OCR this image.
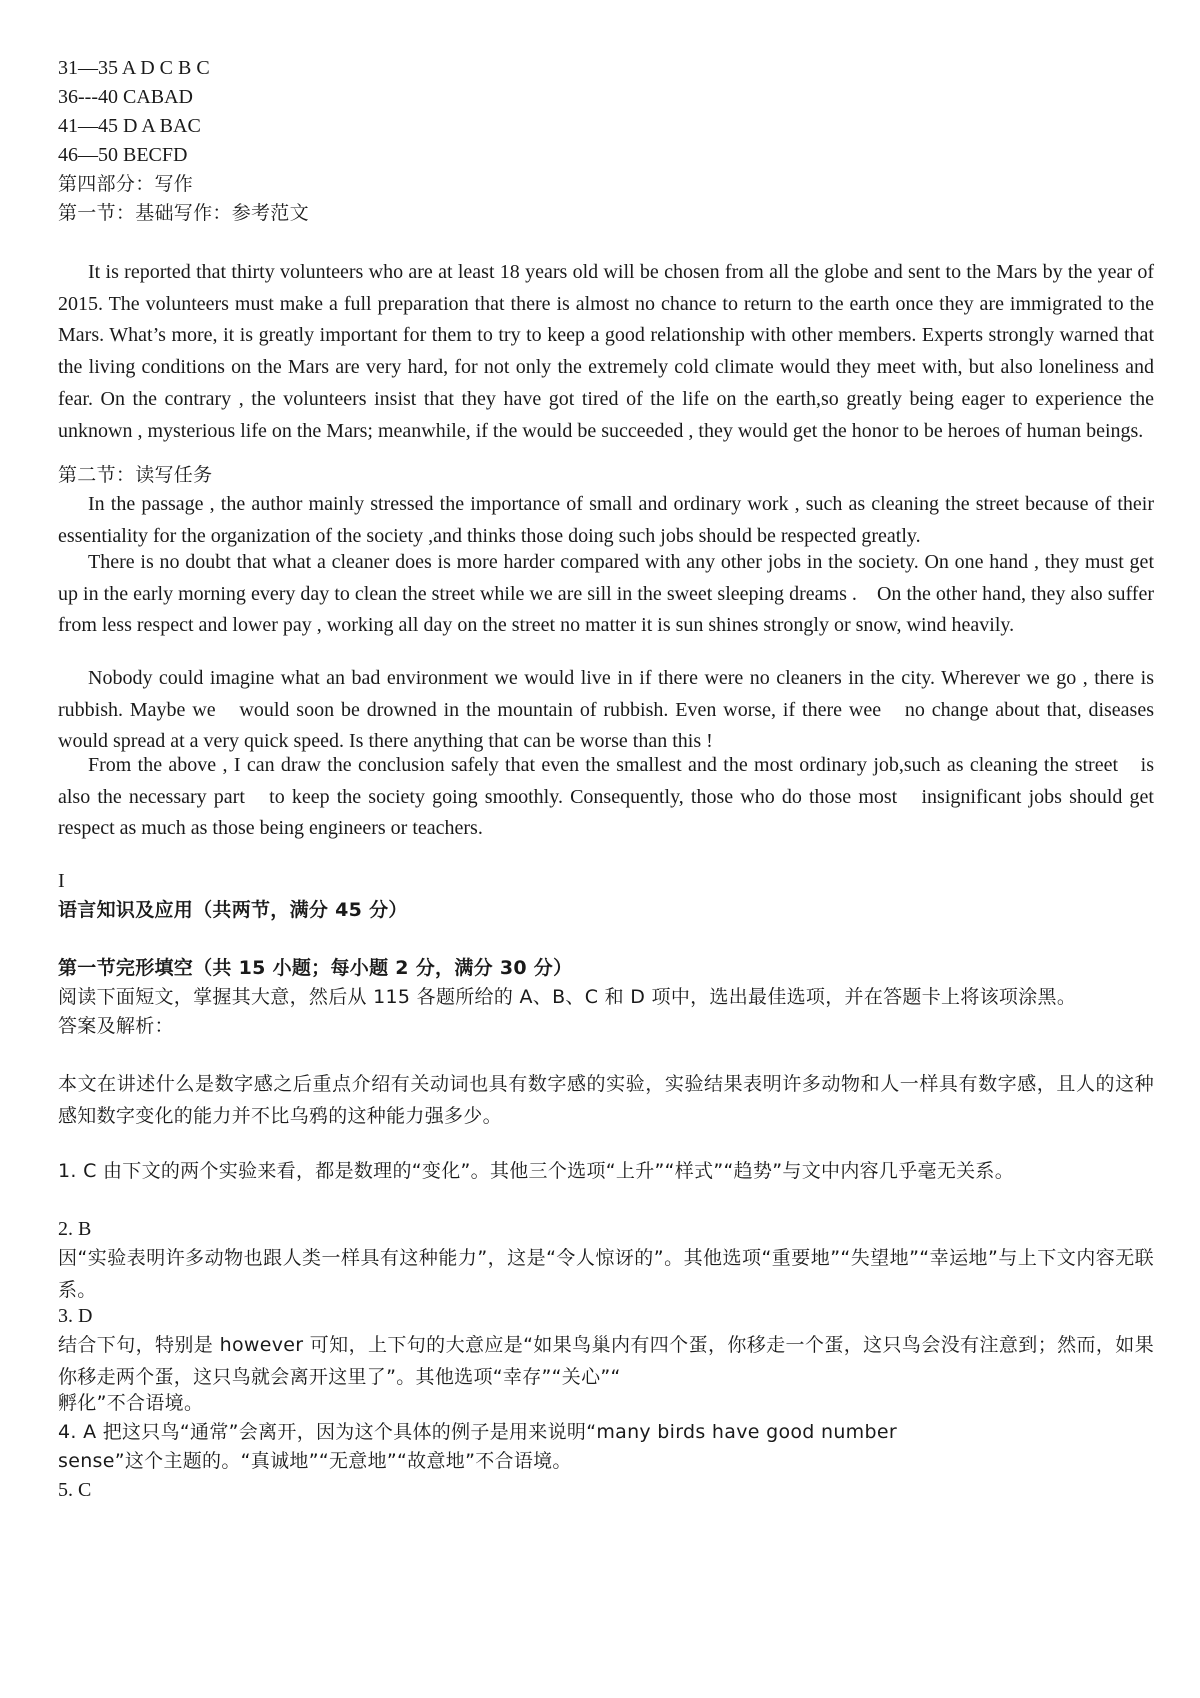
31—35 A D C B C
36---40 CABAD
41—45 D A BAC
46—50 BECFD
第四部分：写作
第一节：基础写作：参考范文
It is reported that thirty volunteers who are at least 18 years old will be chosen from all the globe and sent to the Mars by the year of 2015. The volunteers must make a full preparation that there is almost no chance to return to the earth once they are immigrated to the Mars. What’s more, it is greatly important for them to try to keep a good relationship with other members. Experts strongly warned that the living conditions on the Mars are very hard, for not only the extremely cold climate would they meet with, but also loneliness and fear. On the contrary , the volunteers insist that they have got tired of the life on the earth,so greatly being eager to experience the unknown , mysterious life on the Mars; meanwhile, if the would be succeeded , they would get the honor to be heroes of human beings.
第二节：读写任务
In the passage , the author mainly stressed the importance of small and ordinary work , such as cleaning the street because of their essentiality for the organization of the society ,and thinks those doing such jobs should be respected greatly.
There is no doubt that what a cleaner does is more harder compared with any other jobs in the society. On one hand , they must get up in the early morning every day to clean the street while we are sill in the sweet sleeping dreams .　On the other hand, they also suffer from less respect and lower pay , working all day on the street no matter it is sun shines strongly or snow, wind heavily.
Nobody could imagine what an bad environment we would live in if there were no cleaners in the city. Wherever we go , there is rubbish. Maybe we　would soon be drowned in the mountain of rubbish. Even worse, if there wee　no change about that, diseases would spread at a very quick speed. Is there anything that can be worse than this !
From the above , I can draw the conclusion safely that even the smallest and the most ordinary job,such as cleaning the street　is also the necessary part　to keep the society going smoothly. Consequently, those who do those most　insignificant jobs should get respect as much as those being engineers or teachers.
I
语言知识及应用（共两节，满分 45 分）
第一节完形填空（共 15 小题；每小题 2 分，满分 30 分）
阅读下面短文，掌握其大意，然后从 115 各题所给的 A、B、C 和 D 项中，选出最佳选项，并在答题卡上将该项涂黑。
答案及解析：
本文在讲述什么是数字感之后重点介绍有关动词也具有数字感的实验，实验结果表明许多动物和人一样具有数字感，且人的这种感知数字变化的能力并不比乌鸦的这种能力强多少。
1. C 由下文的两个实验来看，都是数理的“变化”。其他三个选项“上升”“样式”“趋势”与文中内容几乎毫无关系。
2. B
因“实验表明许多动物也跟人类一样具有这种能力”，这是“令人惊讶的”。其他选项“重要地”“失望地”“幸运地”与上下文内容无联系。
3. D
结合下句，特别是 however 可知，上下句的大意应是“如果鸟巢内有四个蛋，你移走一个蛋，这只鸟会没有注意到；然而，如果你移走两个蛋，这只鸟就会离开这里了”。其他选项“幸存”“关心”“
孵化”不合语境。
4. A 把这只鸟“通常”会离开，因为这个具体的例子是用来说明“many birds have good number
sense”这个主题的。“真诚地”“无意地”“故意地”不合语境。
5. C
